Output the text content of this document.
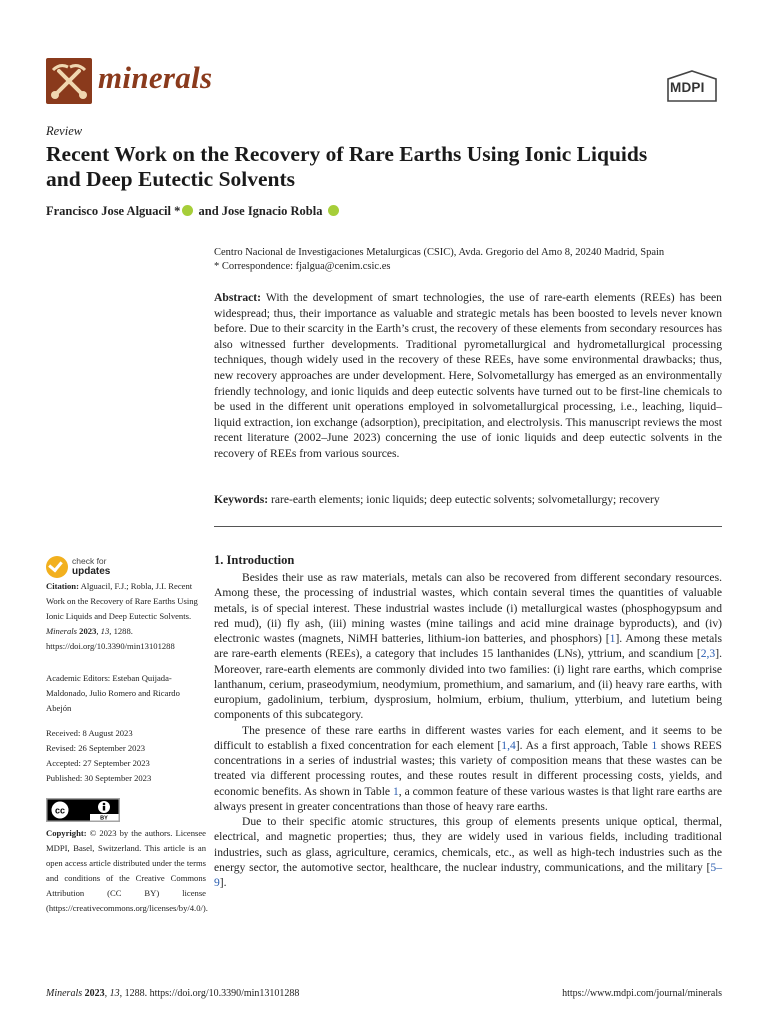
minerals	MDPI
Review
Recent Work on the Recovery of Rare Earths Using Ionic Liquids and Deep Eutectic Solvents
Francisco Jose Alguacil * and Jose Ignacio Robla
Centro Nacional de Investigaciones Metalurgicas (CSIC), Avda. Gregorio del Amo 8, 20240 Madrid, Spain
* Correspondence: fjalgua@cenim.csic.es
Abstract: With the development of smart technologies, the use of rare-earth elements (REEs) has been widespread; thus, their importance as valuable and strategic metals has been boosted to levels never known before. Due to their scarcity in the Earth’s crust, the recovery of these elements from secondary resources has also witnessed further developments. Traditional pyrometallurgical and hydrometallurgical processing techniques, though widely used in the recovery of these REEs, have some environmental drawbacks; thus, new recovery approaches are under development. Here, Solvometallurgy has emerged as an environmentally friendly technology, and ionic liquids and deep eutectic solvents have turned out to be first-line chemicals to be used in the different unit operations employed in solvometallurgical processing, i.e., leaching, liquid–liquid extraction, ion exchange (adsorption), precipitation, and electrolysis. This manuscript reviews the most recent literature (2002–June 2023) concerning the use of ionic liquids and deep eutectic solvents in the recovery of REEs from various sources.
Keywords: rare-earth elements; ionic liquids; deep eutectic solvents; solvometallurgy; recovery
check for
updates
Citation: Alguacil, F.J.; Robla, J.I. Recent Work on the Recovery of Rare Earths Using Ionic Liquids and Deep Eutectic Solvents. Minerals 2023, 13, 1288. https://doi.org/10.3390/min13101288
Academic Editors: Esteban Quijada-Maldonado, Julio Romero and Ricardo Abejón
Received: 8 August 2023
Revised: 26 September 2023
Accepted: 27 September 2023
Published: 30 September 2023
cc
BY
Copyright: © 2023 by the authors. Licensee MDPI, Basel, Switzerland. This article is an open access article distributed under the terms and conditions of the Creative Commons Attribution (CC BY) license (https://creativecommons.org/licenses/by/4.0/).
1. Introduction

Besides their use as raw materials, metals can also be recovered from different secondary resources. Among these, the processing of industrial wastes, which contain several times the quantities of valuable metals, is of special interest. These industrial wastes include (i) metallurgical wastes (phosphogypsum and red mud), (ii) fly ash, (iii) mining wastes (mine tailings and acid mine drainage byproducts), and (iv) electronic wastes (magnets, NiMH batteries, lithium-ion batteries, and phosphors) [1]. Among these metals are rare-earth elements (REEs), a category that includes 15 lanthanides (LNs), yttrium, and scandium [2,3]. Moreover, rare-earth elements are commonly divided into two families: (i) light rare earths, which comprise lanthanum, cerium, praseodymium, neodymium, promethium, and samarium, and (ii) heavy rare earths, with europium, gadolinium, terbium, dysprosium, holmium, erbium, thulium, ytterbium, and lutetium being components of this subcategory.

The presence of these rare earths in different wastes varies for each element, and it seems to be difficult to establish a fixed concentration for each element [1,4]. As a first approach, Table 1 shows REES concentrations in a series of industrial wastes; this variety of composition means that these wastes can be treated via different processing routes, and these routes result in different processing costs, yields, and economic benefits. As shown in Table 1, a common feature of these various wastes is that light rare earths are always present in greater concentrations than those of heavy rare earths.

Due to their specific atomic structures, this group of elements presents unique optical, thermal, electrical, and magnetic properties; thus, they are widely used in various fields, including traditional industries, such as glass, agriculture, ceramics, chemicals, etc., as well as high-tech industries such as the energy sector, the automotive sector, healthcare, the nuclear industry, communications, and the military [5–9].

Minerals 2023, 13, 1288. https://doi.org/10.3390/min13101288	https://www.mdpi.com/journal/minerals
